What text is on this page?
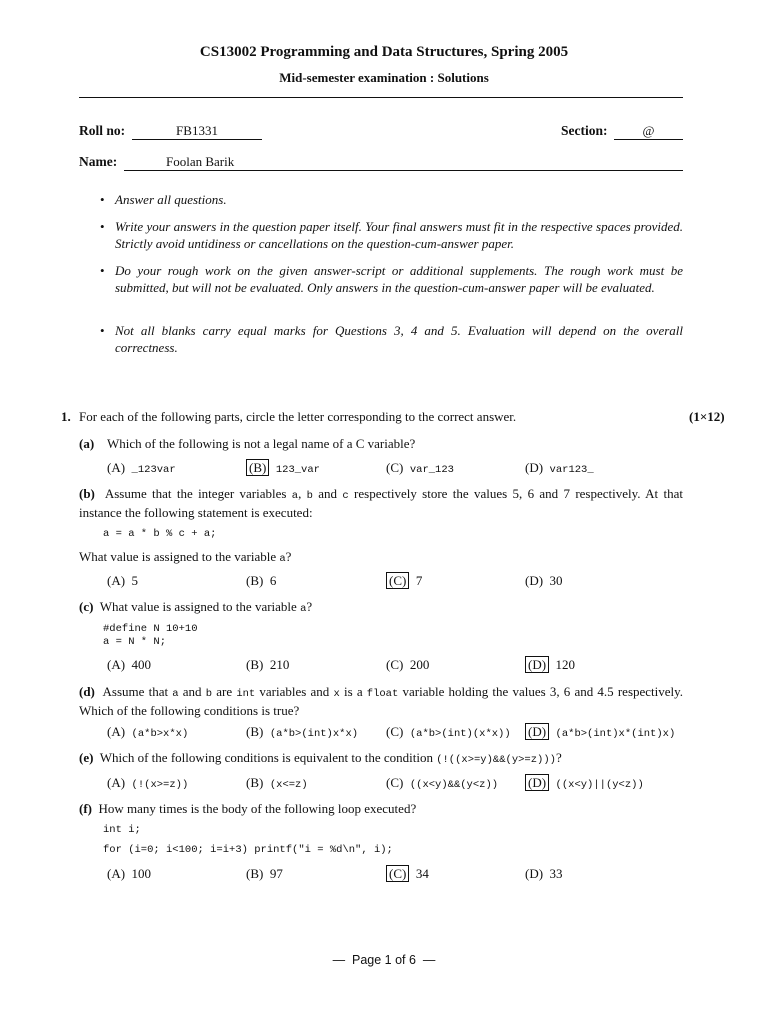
CS13002 Programming and Data Structures, Spring 2005
Mid-semester examination : Solutions
Roll no:	FB1331	Section:	@
Name:	Foolan Barik
• Answer all questions.
• Write your answers in the question paper itself. Your final answers must fit in the respective spaces provided. Strictly avoid untidiness or cancellations on the question-cum-answer paper.
• Do your rough work on the given answer-script or additional supplements. The rough work must be submitted, but will not be evaluated. Only answers in the question-cum-answer paper will be evaluated.
• Not all blanks carry equal marks for Questions 3, 4 and 5. Evaluation will depend on the overall correctness.
1. For each of the following parts, circle the letter corresponding to the correct answer.	(1×12)
(a) Which of the following is not a legal name of a C variable?
(A) _123var	(B) 123_var	(C) var_123	(D) var123_
(b) Assume that the integer variables a, b and c respectively store the values 5, 6 and 7 respectively. At that instance the following statement is executed:
a = a * b % c + a;
What value is assigned to the variable a?
(A) 5	(B) 6	(C) 7	(D) 30
(c) What value is assigned to the variable a?
#define N 10+10
a = N * N;
(A) 400	(B) 210	(C) 200	(D) 120
(d) Assume that a and b are int variables and x is a float variable holding the values 3, 6 and 4.5 respectively. Which of the following conditions is true?
(A) (a*b>x*x)	(B) (a*b>(int)x*x) (C) (a*b>(int)(x*x)) (D) (a*b>(int)x*(int)x)
(e) Which of the following conditions is equivalent to the condition (!((x>=y)&&(y>=z)))?
(A) (!(x>=z))	(B) (x<=z)	(C) ((x<y)&&(y<z)) (D) ((x<y)||(y<z))
(f) How many times is the body of the following loop executed?
int i;
for (i=0; i<100; i=i+3) printf("i = %d\n", i);
(A) 100	(B) 97	(C) 34	(D) 33
— Page 1 of 6 —
